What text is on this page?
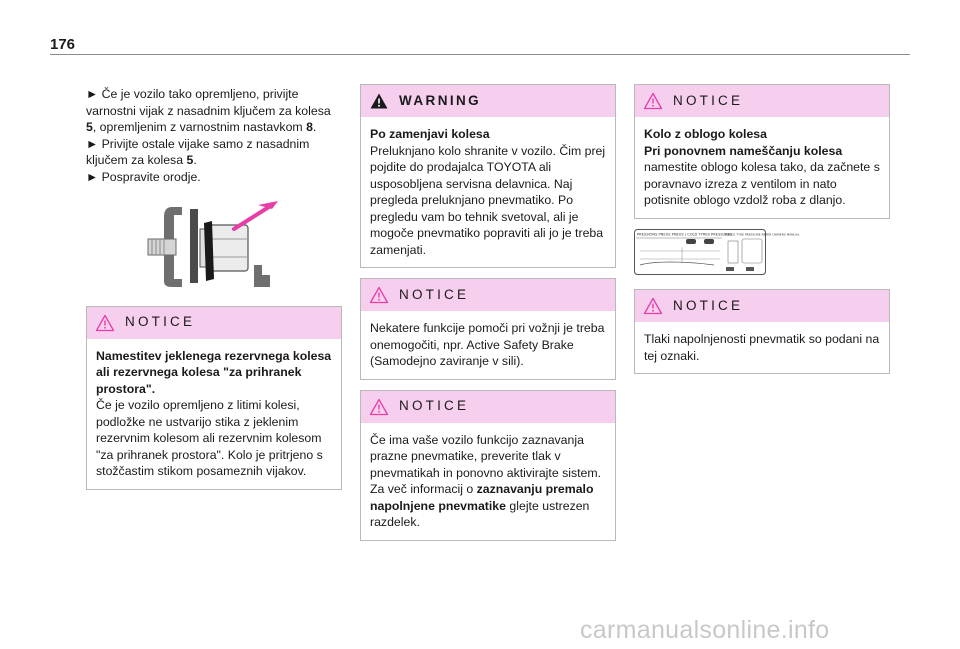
176

► Če je vozilo tako opremljeno, privijte varnostni vijak z nasadnim ključem za kolesa 5, opremljenim z varnostnim nastavkom 8.

► Privijte ostale vijake samo z nasadnim ključem za kolesa 5.

► Pospravite orodje.

NOTICE

Namestitev jeklenega rezervnega kolesa ali rezervnega kolesa "za prihranek prostora".

Če je vozilo opremljeno z litimi kolesi, podložke ne ustvarijo stika z jeklenim rezervnim kolesom ali rezervnim kolesom "za prihranek prostora". Kolo je pritrjeno s stožčastim stikom posameznih vijakov.

WARNING

Po zamenjavi kolesa

Preluknjano kolo shranite v vozilo. Čim prej pojdite do prodajalca TOYOTA ali usposobljena servisna delavnica. Naj pregleda preluknjano pnevmatiko. Po pregledu vam bo tehnik svetoval, ali je mogoče pnevmatiko popraviti ali jo je treba zamenjati.

NOTICE

Nekatere funkcije pomoči pri vožnji je treba onemogočiti, npr. Active Safety Brake (Samodejno zaviranje v sili).

NOTICE

Če ima vaše vozilo funkcijo zaznavanja prazne pnevmatike, preverite tlak v pnevmatikah in ponovno aktivirajte sistem. Za več informacij o zaznavanju premalo napolnjene pnevmatike glejte ustrezen razdelek.

NOTICE

Kolo z oblogo kolesa

Pri ponovnem nameščanju kolesa

namestite oblogo kolesa tako, da začnete s poravnavo izreza z ventilom in nato potisnite oblogo vzdolž roba z dlanjo.

PRESSIONS PNEUS PNEUS / COLD TYRES PRESSURES
CHECK TYRE PRESSURE REFER OWNERS MANUAL
NOTICE

Tlaki napolnjenosti pnevmatik so podani na tej oznaki.

carmanualsonline.info
